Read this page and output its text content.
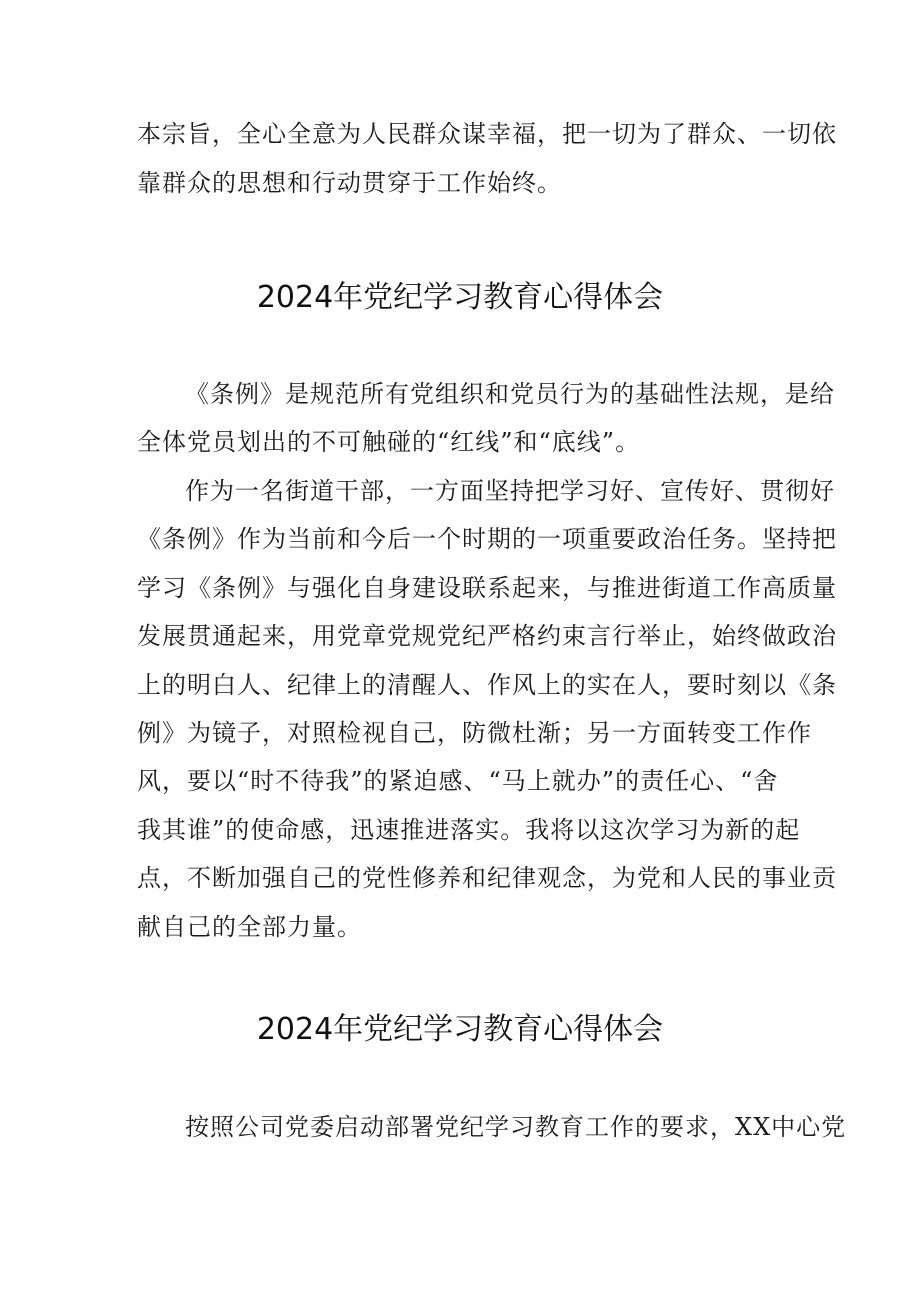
本宗旨，全心全意为人民群众谋幸福，把一切为了群众、一切依
靠群众的思想和行动贯穿于工作始终。
2024年党纪学习教育心得体会
《条例》是规范所有党组织和党员行为的基础性法规，是给
全体党员划出的不可触碰的“红线”和“底线”。
作为一名街道干部，一方面坚持把学习好、宣传好、贯彻好
《条例》作为当前和今后一个时期的一项重要政治任务。坚持把
学习《条例》与强化自身建设联系起来，与推进街道工作高质量
发展贯通起来，用党章党规党纪严格约束言行举止，始终做政治
上的明白人、纪律上的清醒人、作风上的实在人，要时刻以《条
例》为镜子，对照检视自己，防微杜渐；另一方面转变工作作
风，要以“时不待我”的紧迫感、“马上就办”的责任心、“舍
我其谁”的使命感，迅速推进落实。我将以这次学习为新的起
点，不断加强自己的党性修养和纪律观念，为党和人民的事业贡
献自己的全部力量。
2024年党纪学习教育心得体会
按照公司党委启动部署党纪学习教育工作的要求，XX中心党
